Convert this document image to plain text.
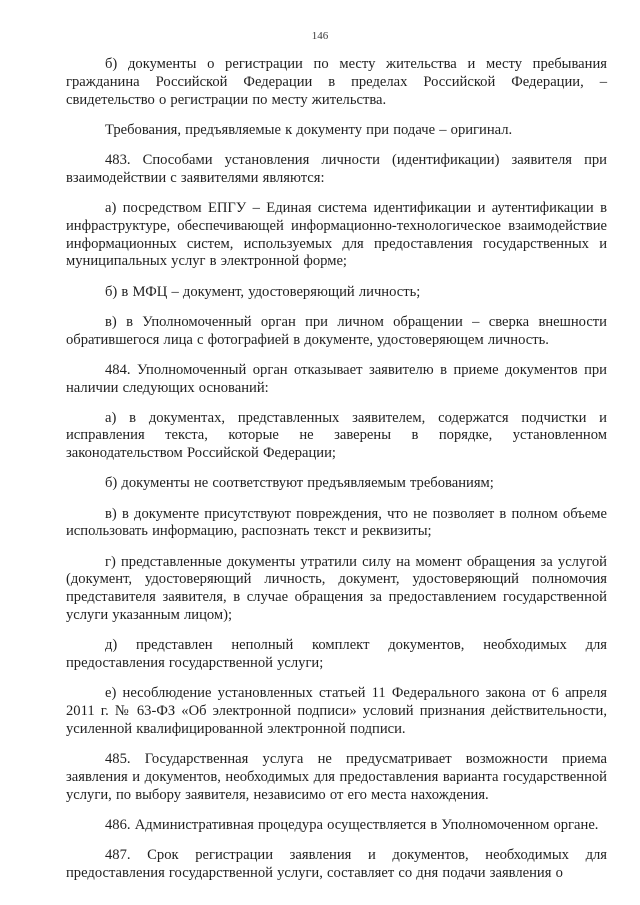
146

б) документы о регистрации по месту жительства и месту пребывания гражданина Российской Федерации в пределах Российской Федерации, – свидетельство о регистрации по месту жительства.

Требования, предъявляемые к документу при подаче – оригинал.

483. Способами установления личности (идентификации) заявителя при взаимодействии с заявителями являются:

а) посредством ЕПГУ – Единая система идентификации и аутентификации в инфраструктуре, обеспечивающей информационно-технологическое взаимодействие информационных систем, используемых для предоставления государственных и муниципальных услуг в электронной форме;

б) в МФЦ – документ, удостоверяющий личность;

в) в Уполномоченный орган при личном обращении – сверка внешности обратившегося лица с фотографией в документе, удостоверяющем личность.

484. Уполномоченный орган отказывает заявителю в приеме документов при наличии следующих оснований:

а) в документах, представленных заявителем, содержатся подчистки и исправления текста, которые не заверены в порядке, установленном законодательством Российской Федерации;

б) документы не соответствуют предъявляемым требованиям;

в) в документе присутствуют повреждения, что не позволяет в полном объеме использовать информацию, распознать текст и реквизиты;

г) представленные документы утратили силу на момент обращения за услугой (документ, удостоверяющий личность, документ, удостоверяющий полномочия представителя заявителя, в случае обращения за предоставлением государственной услуги указанным лицом);

д) представлен неполный комплект документов, необходимых для предоставления государственной услуги;

е) несоблюдение установленных статьей 11 Федерального закона от 6 апреля 2011 г. № 63-ФЗ «Об электронной подписи» условий признания действительности, усиленной квалифицированной электронной подписи.

485. Государственная услуга не предусматривает возможности приема заявления и документов, необходимых для предоставления варианта государственной услуги, по выбору заявителя, независимо от его места нахождения.

486. Административная процедура осуществляется в Уполномоченном органе.

487. Срок регистрации заявления и документов, необходимых для предоставления государственной услуги, составляет со дня подачи заявления о
